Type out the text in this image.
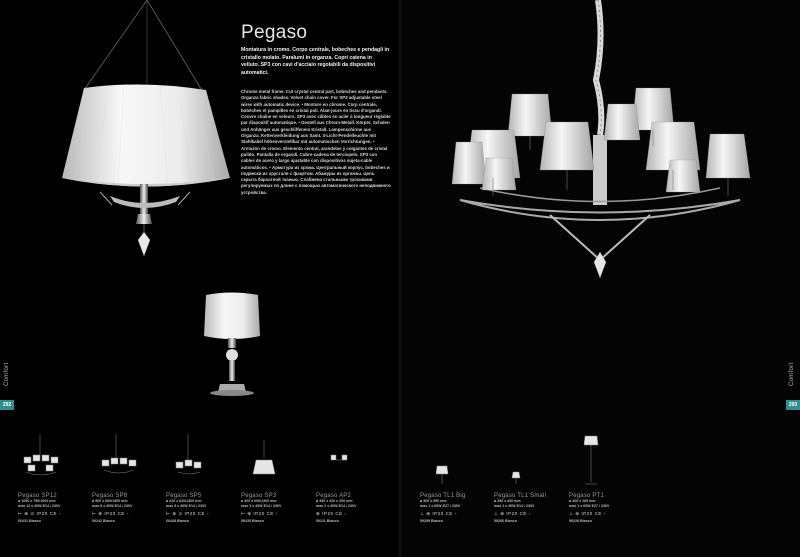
Pegaso
Montatura in cromo. Corpo centrale, bobeches e pendagli in cristallo molato. Paralumi in organza. Copri catena in velluto. SP3 con cavi d'acciaio regolabili da dispositivi automatici.
Chrome metal frame. Cut crystal central part, bobeches and pendants. Organza fabric shades. Velvet chain cover. For SP3 adjustable steel wires with automatic device. • Monture en chrome. Corp centrale, bobèches et pampilles en cristal poli. Abat-jours en tissu d'organdi. Couvre chaîne en velours. SP3 avec câbles en acier à longueur réglable par dispositif automatique. • Gestell aus Chrom-Metall. Körper, Schalen und Anhänger aus geschliffenem Kristall. Lampenschirme aus Organza. Kettenverkleidung aus Samt. 3-Licht-Pendelleuchte mit Stahlkabel höhenverstellbar mit automatischen Vorrichtungen. • Armazón de cromo. Elemento central, arandelas y colgantes de cristal pulido. Pantalla de organdí. Cubre-cadena de terciopelo. SP3 con cables de acero y largo ajustable con dispositivos sujeta-cable automáticos. • Арматура из хрома. Центральный корпус, bobeches и подвески из хрусталя с фацетом. Абажуры из органзы. Цепь скрыта бархатной тканью. Слабжена стальными тросиками регулируемых по длине с помощью автоматического неподвижного устройства.
Comfort
292
Comfort
293
Pegaso SP12
ø 1050 x 750/1600 mm
max 12 x 40W E14 / 230V
⊢ ⊕ ⊙ IP20 CE ▫
66431 Bianco
Pegaso SP8
ø 900 x 660/1500 mm
max 8 x 40W E14 / 230V
⊢ ⊕ IP20 CE ▫
59242 Bianco
Pegaso SP5
ø 620 x 620/1300 mm
max 5 x 40W E14 / 230V
⊢ ⊕ ⊙ IP20 CE ▫
66448 Bianco
Pegaso SP3
ø 400 x 600/1300 mm
max 3 x 40W E14 / 230V
⊢ ⊕ IP20 CE ▫
59235 Bianco
Pegaso AP2
ø 450 x 320 x 200 mm
max 2 x 40W E14 / 230V
⊕ IP20 CE ▫
59211 Bianco
Pegaso TL1 Big
ø 300 x 590 mm
max 1 x 60W E27 / 230V
⊥ ⊕ IP20 CE ▫
59259 Bianco
Pegaso TL1 Small
ø 250 x 420 mm
max 1 x 40W E14 / 230V
⊥ ⊕ IP20 CE ▫
59266 Bianco
Pegaso PT1
ø 400 x 165 mm
max 1 x 60W E27 / 230V
⊥ ⊕ IP20 CE ▫
59228 Bianco
